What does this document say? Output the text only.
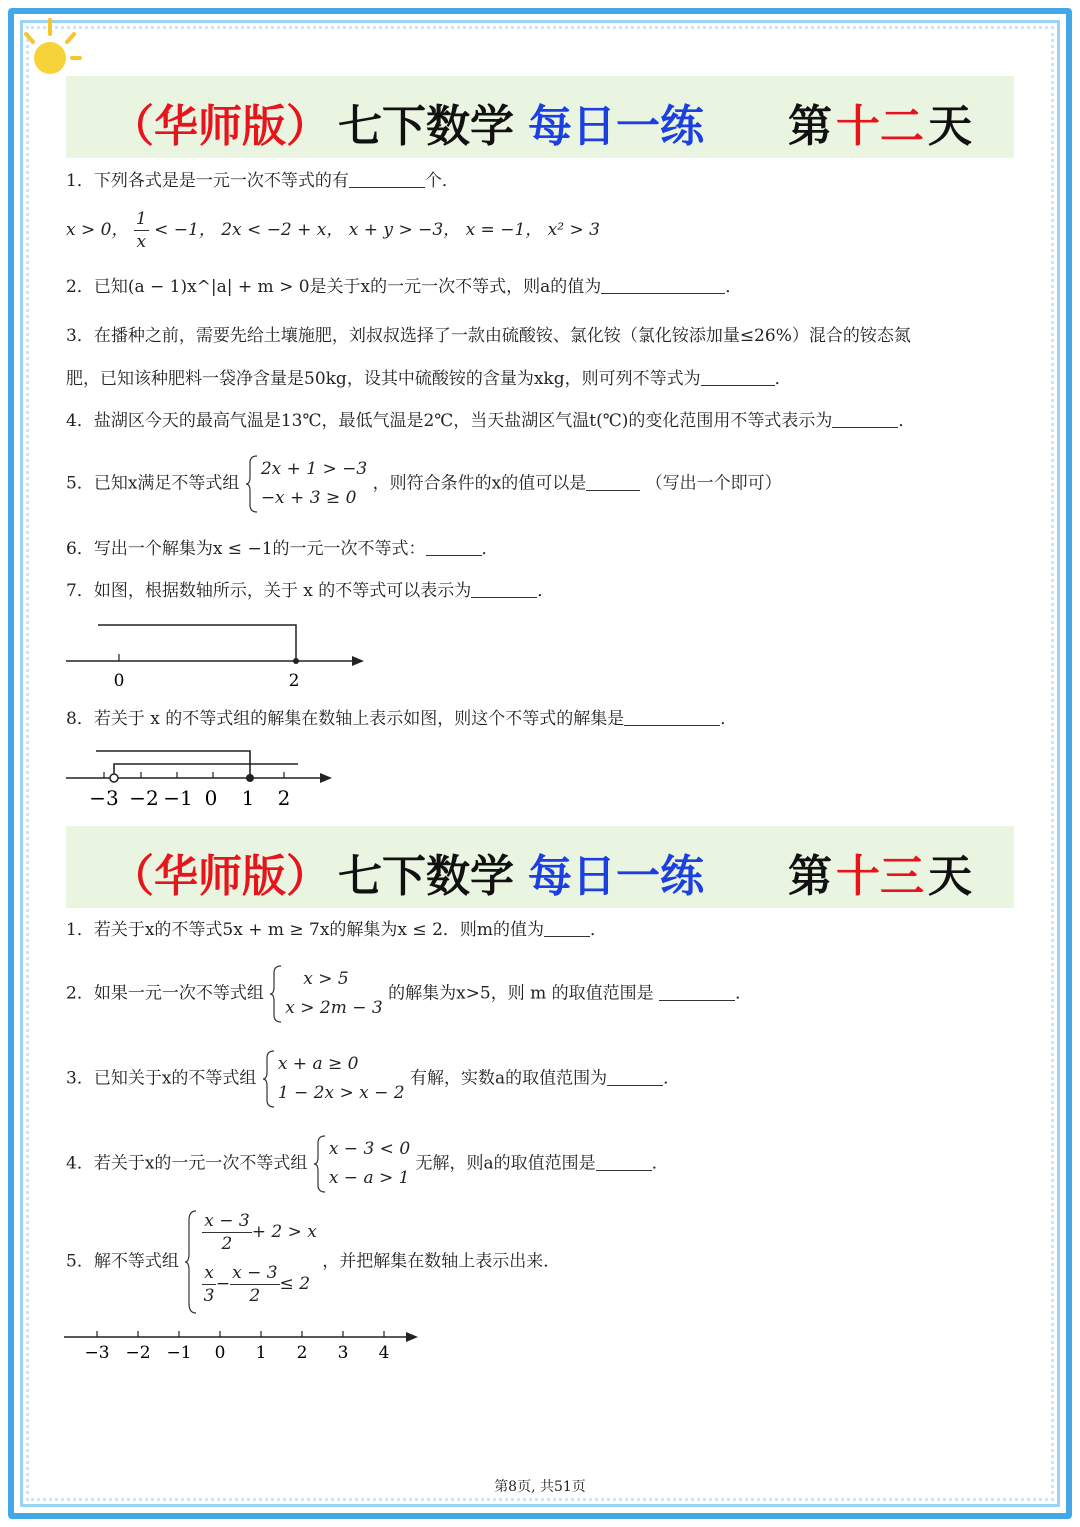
（华师版） 七下数学 每日一练 第 十二 天
1．下列各式是是一元一次不等式的有	个．
x > 0， $\frac{1}{x} < -1$， 2x < −2 + x， x + y > −3， x = −1， x² > 3
2．已知(a − 1)x^|a| + m > 0是关于x的一元一次不等式，则a的值为	．
3．在播种之前，需要先给土壤施肥，刘叔叔选择了一款由硫酸铵、氯化铵（氯化铵添加量≤26%）混合的铵态氮
肥，已知该种肥料一袋净含量是50kg，设其中硫酸铵的含量为xkg，则可列不等式为	．
4．盐湖区今天的最高气温是13℃，最低气温是2℃，当天盐湖区气温t(℃)的变化范围用不等式表示为	．
5．已知x满足不等式组
2x + 1 > −3
−x + 3 ≥ 0
，则符合条件的x的值可以是	（写出一个即可）
6．写出一个解集为x ≤ −1的一元一次不等式：	．
7．如图，根据数轴所示，关于 x 的不等式可以表示为	．
0	2
8．若关于 x 的不等式组的解集在数轴上表示如图，则这个不等式的解集是	．
−3 −2 −1 0 1 2
（华师版） 七下数学 每日一练 第 十三 天
1．若关于x的不等式5x + m ≥ 7x的解集为x ≤ 2．则m的值为	．
2．如果一元一次不等式组
x > 5
x > 2m − 3
的解集为x>5，则 m 的取值范围是	．
3．已知关于x的不等式组
x + a ≥ 0
1 − 2x > x − 2
有解，实数a的取值范围为	．
4．若关于x的一元一次不等式组
x − 3 < 0
x − a > 1
无解，则a的取值范围是	．
5．解不等式组
$\frac{x - 3}{2} + 2 > x$
$\frac{x}{3} - \frac{x - 3}{2} \le 2$
，并把解集在数轴上表示出来．
−3 −2 −1 0 1 2 3 4
第8页, 共51页
